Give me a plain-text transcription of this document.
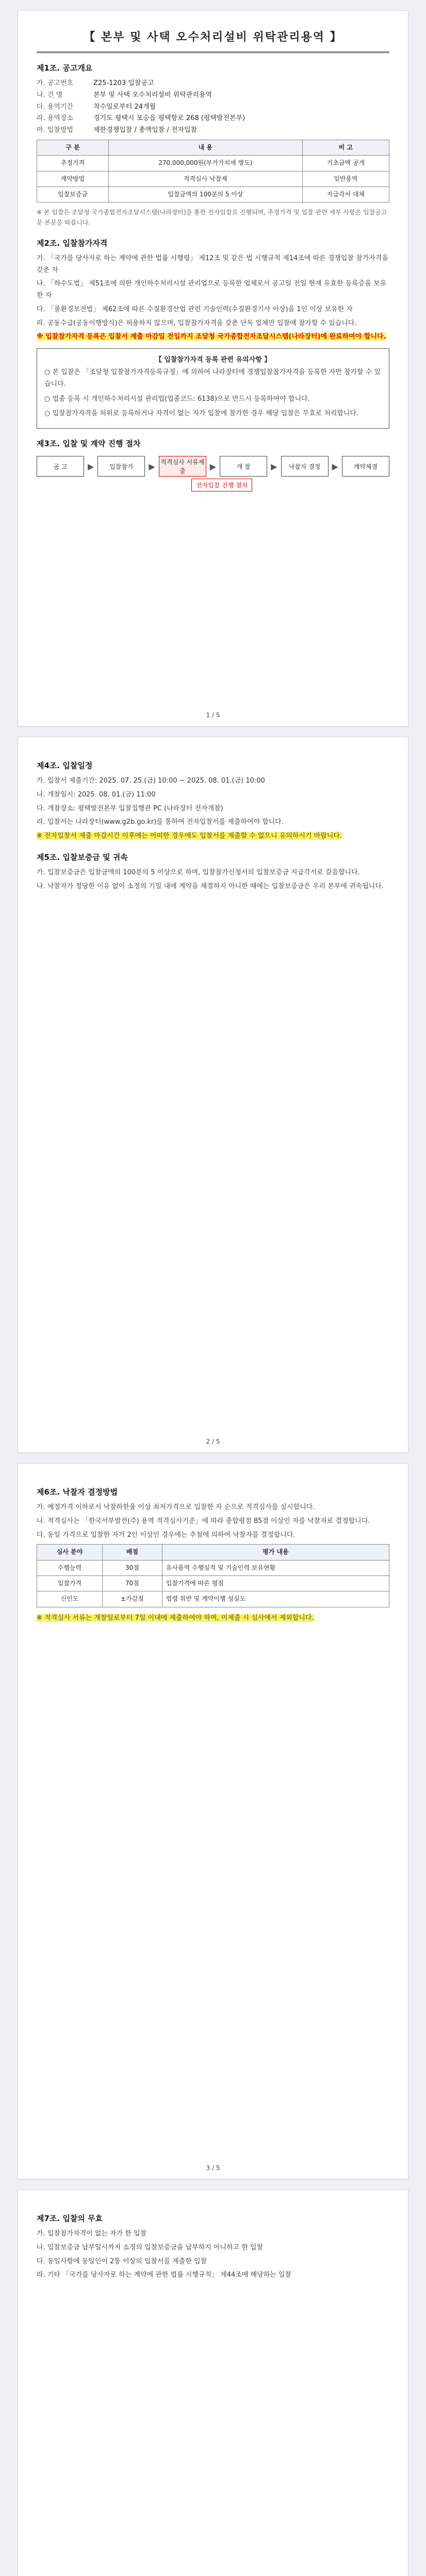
【 본부 및 사택 오수처리설비 위탁관리용역 】
제1조. 공고개요
가. 공고번호	Z25-1203 입찰공고
나. 건 명	본부 및 사택 오수처리설비 위탁관리용역
다. 용역기간	착수일로부터 24개월
라. 용역장소	경기도 평택시 포승읍 평택항로 268 (평택발전본부)
마. 입찰방법	제한경쟁입찰 / 총액입찰 / 전자입찰
구 분	내 용	비 고
추정가격	270,000,000원(부가가치세 별도)	기초금액 공개
계약방법	적격심사 낙찰제	일반용역
입찰보증금	입찰금액의 100분의 5 이상	지급각서 대체
※ 본 입찰은 조달청 국가종합전자조달시스템(나라장터)을 통한 전자입찰로 진행되며, 추정가격 및 입찰 관련 세부 사항은 입찰공고문 본문을 따릅니다.
제2조. 입찰참가자격
가. 「국가를 당사자로 하는 계약에 관한 법률 시행령」 제12조 및 같은 법 시행규칙 제14조에 따른 경쟁입찰 참가자격을 갖춘 자
나. 「하수도법」 제51조에 의한 개인하수처리시설 관리업으로 등록한 업체로서 공고일 전일 현재 유효한 등록증을 보유한 자
다. 「물환경보전법」 제62조에 따른 수질환경산업 관련 기술인력(수질환경기사 이상)을 1인 이상 보유한 자
라. 공동수급(공동이행방식)은 허용하지 않으며, 입찰참가자격을 갖춘 단독 업체만 입찰에 참가할 수 있습니다.
※ 입찰참가자격 등록은 입찰서 제출 마감일 전일까지 조달청 국가종합전자조달시스템(나라장터)에 완료하여야 합니다.
【 입찰참가자격 등록 관련 유의사항 】
○ 본 입찰은 「조달청 입찰참가자격등록규정」에 의하여 나라장터에 경쟁입찰참가자격을 등록한 자만 참가할 수 있습니다.
○ 업종 등록 시 개인하수처리시설 관리업(업종코드: 6138)으로 반드시 등록하여야 합니다.
○ 입찰참가자격을 허위로 등록하거나 자격이 없는 자가 입찰에 참가한 경우 해당 입찰은 무효로 처리합니다.
제3조. 입찰 및 계약 진행 절차
공 고	▶	입찰참가	▶ 적격심사 서류제출	▶	개 찰	▶	낙찰자 결정	▶	계약체결
전자입찰 진행 절차
1 / 5
제4조. 입찰일정
가. 입찰서 제출기간: 2025. 07. 25.(금) 10:00 ~ 2025. 08. 01.(금) 10:00
나. 개찰일시: 2025. 08. 01.(금) 11:00
다. 개찰장소: 평택발전본부 입찰집행관 PC (나라장터 전자개찰)
라. 입찰서는 나라장터(www.g2b.go.kr)를 통하여 전자입찰서를 제출하여야 합니다.
※ 전자입찰서 제출 마감시간 이후에는 어떠한 경우에도 입찰서를 제출할 수 없으니 유의하시기 바랍니다.
제5조. 입찰보증금 및 귀속
가. 입찰보증금은 입찰금액의 100분의 5 이상으로 하며, 입찰참가신청서의 입찰보증금 지급각서로 갈음합니다.
나. 낙찰자가 정당한 이유 없이 소정의 기일 내에 계약을 체결하지 아니한 때에는 입찰보증금은 우리 본부에 귀속됩니다.
2 / 5
제6조. 낙찰자 결정방법
가. 예정가격 이하로서 낙찰하한율 이상 최저가격으로 입찰한 자 순으로 적격심사를 실시합니다.
나. 적격심사는 「한국서부발전(주) 용역 적격심사기준」에 따라 종합평점 85점 이상인 자를 낙찰자로 결정합니다.
다. 동일 가격으로 입찰한 자가 2인 이상인 경우에는 추첨에 의하여 낙찰자를 결정합니다.
심사 분야	배점	평가 내용
수행능력	30점	유사용역 수행실적 및 기술인력 보유현황
입찰가격	70점	입찰가격에 따른 평점
신인도	±가감점	법령 위반 및 계약이행 성실도
※ 적격심사 서류는 개찰일로부터 7일 이내에 제출하여야 하며, 미제출 시 심사에서 제외합니다.
3 / 5
제7조. 입찰의 무효
가. 입찰참가자격이 없는 자가 한 입찰
나. 입찰보증금 납부일시까지 소정의 입찰보증금을 납부하지 아니하고 한 입찰
다. 동일사항에 동일인이 2통 이상의 입찰서를 제출한 입찰
라. 기타 「국가를 당사자로 하는 계약에 관한 법률 시행규칙」 제44조에 해당하는 입찰
